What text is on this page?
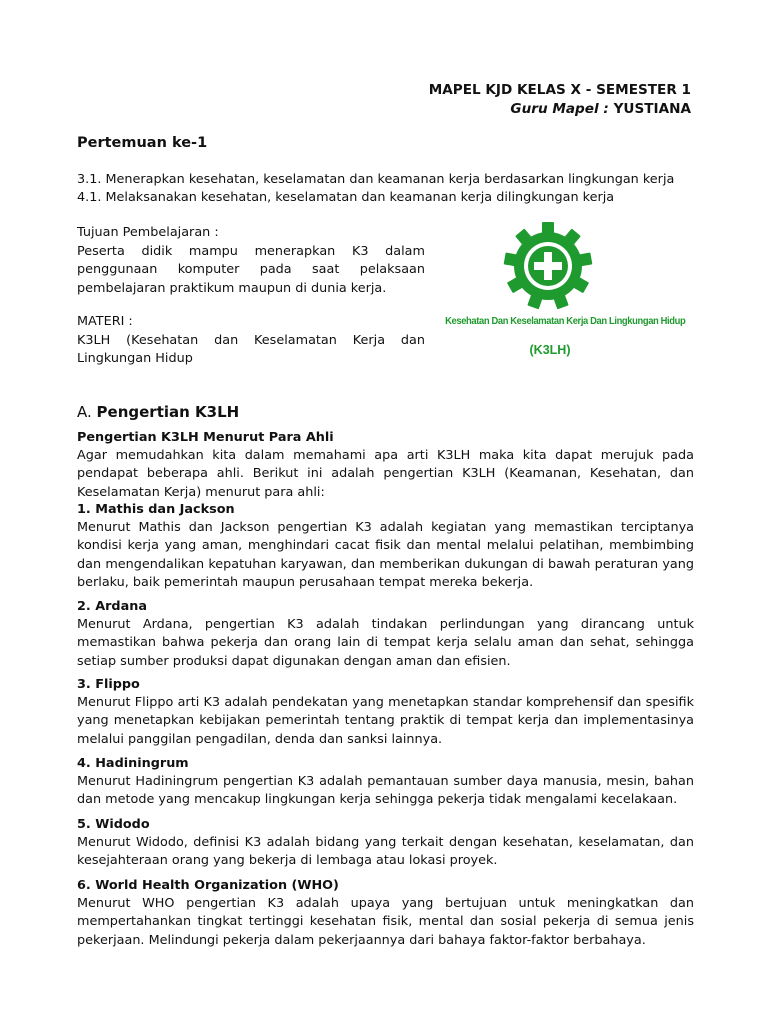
MAPEL KJD KELAS X - SEMESTER 1
Guru Mapel : YUSTIANA
Pertemuan ke-1
3.1. Menerapkan kesehatan, keselamatan dan keamanan kerja berdasarkan lingkungan kerja
4.1. Melaksanakan kesehatan, keselamatan dan keamanan kerja dilingkungan kerja

Tujuan Pembelajaran :

Peserta didik mampu menerapkan K3 dalam penggunaan komputer pada saat pelaksaan pembelajaran praktikum maupun di dunia kerja.

MATERI :

K3LH (Kesehatan dan Keselamatan Kerja dan Lingkungan Hidup

Kesehatan Dan Keselamatan Kerja Dan Lingkungan Hidup
(K3LH)
A. Pengertian K3LH

Pengertian K3LH Menurut Para Ahli

Agar memudahkan kita dalam memahami apa arti K3LH maka kita dapat merujuk pada pendapat beberapa ahli. Berikut ini adalah pengertian K3LH (Keamanan, Kesehatan, dan Keselamatan Kerja) menurut para ahli:

1. Mathis dan Jackson

Menurut Mathis dan Jackson pengertian K3 adalah kegiatan yang memastikan terciptanya kondisi kerja yang aman, menghindari cacat fisik dan mental melalui pelatihan, membimbing dan mengendalikan kepatuhan karyawan, dan memberikan dukungan di bawah peraturan yang berlaku, baik pemerintah maupun perusahaan tempat mereka bekerja.

2. Ardana

Menurut Ardana, pengertian K3 adalah tindakan perlindungan yang dirancang untuk memastikan bahwa pekerja dan orang lain di tempat kerja selalu aman dan sehat, sehingga setiap sumber produksi dapat digunakan dengan aman dan efisien.

3. Flippo

Menurut Flippo arti K3 adalah pendekatan yang menetapkan standar komprehensif dan spesifik yang menetapkan kebijakan pemerintah tentang praktik di tempat kerja dan implementasinya melalui panggilan pengadilan, denda dan sanksi lainnya.

4. Hadiningrum

Menurut Hadiningrum pengertian K3 adalah pemantauan sumber daya manusia, mesin, bahan dan metode yang mencakup lingkungan kerja sehingga pekerja tidak mengalami kecelakaan.

5. Widodo

Menurut Widodo, definisi K3 adalah bidang yang terkait dengan kesehatan, keselamatan, dan kesejahteraan orang yang bekerja di lembaga atau lokasi proyek.

6. World Health Organization (WHO)

Menurut WHO pengertian K3 adalah upaya yang bertujuan untuk meningkatkan dan mempertahankan tingkat tertinggi kesehatan fisik, mental dan sosial pekerja di semua jenis pekerjaan. Melindungi pekerja dalam pekerjaannya dari bahaya faktor-faktor berbahaya.
